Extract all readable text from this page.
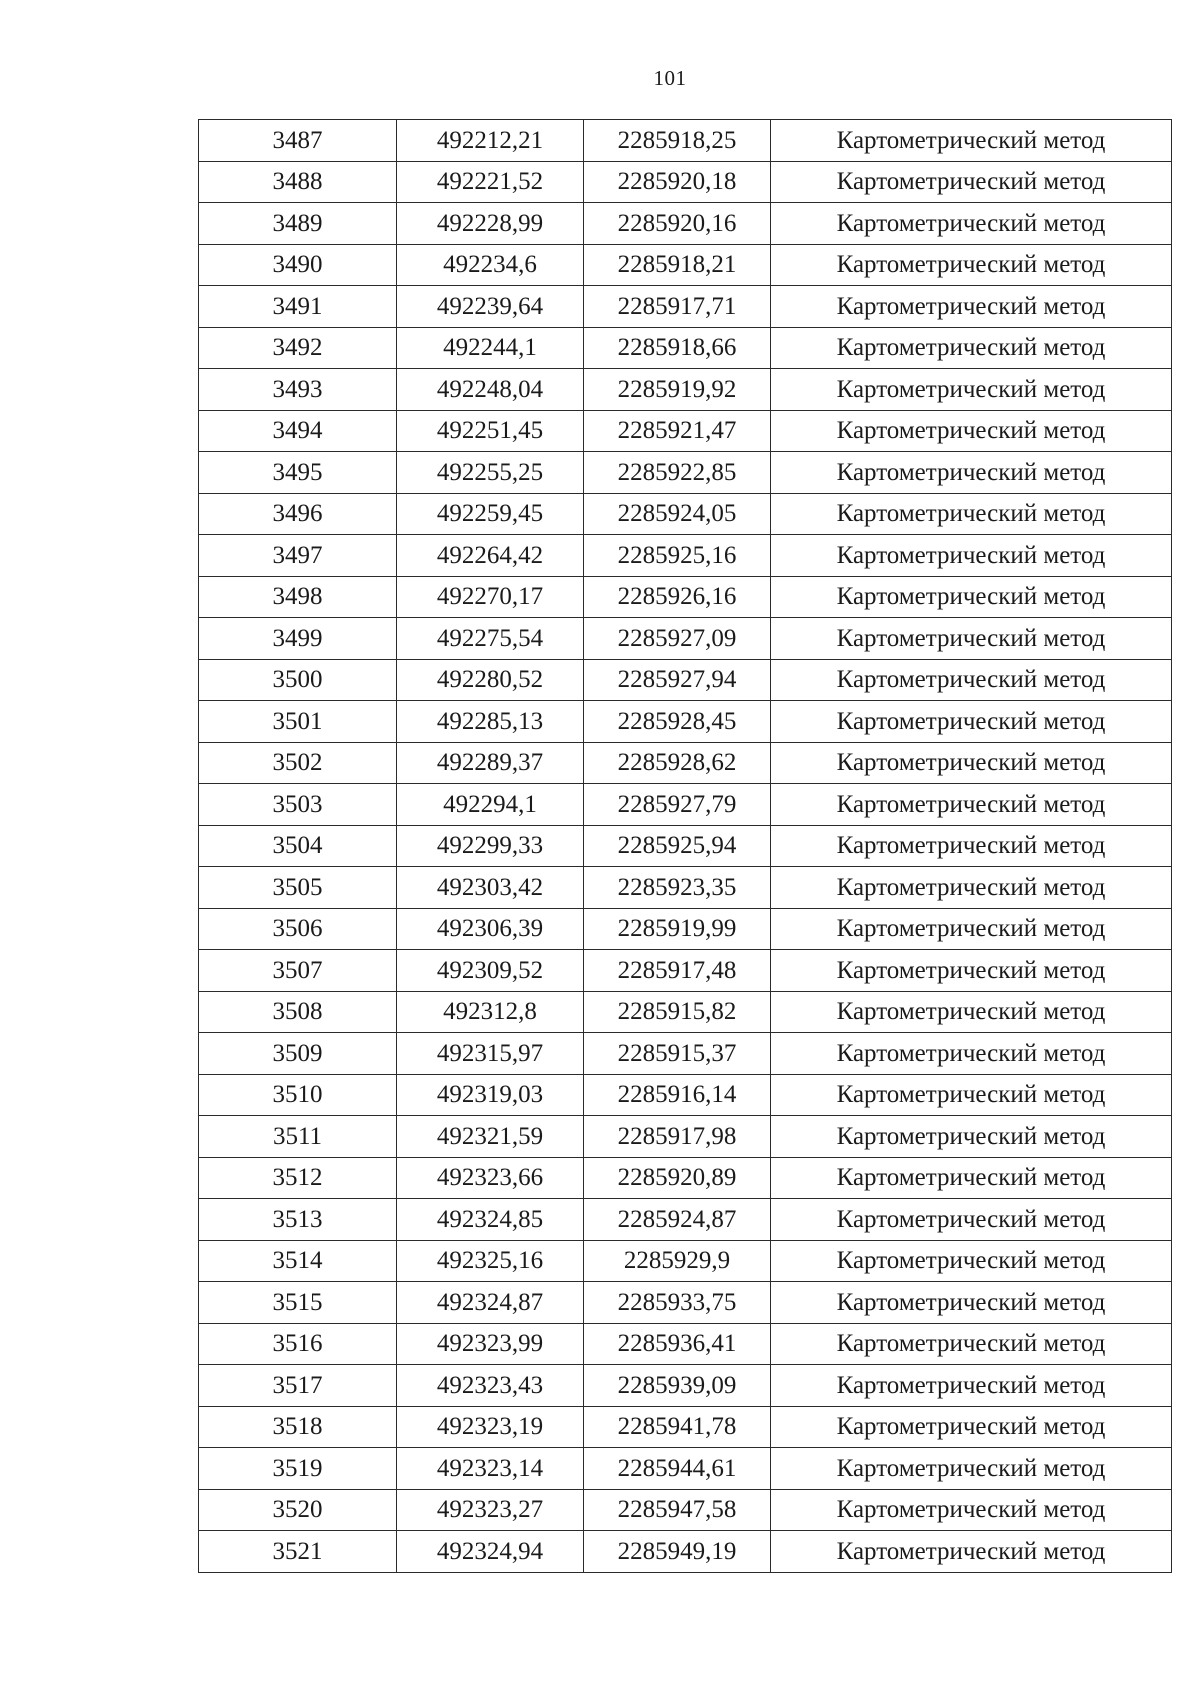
101
3487	492212,21	2285918,25	Картометрический метод
3488	492221,52	2285920,18	Картометрический метод
3489	492228,99	2285920,16	Картометрический метод
3490	492234,6	2285918,21	Картометрический метод
3491	492239,64	2285917,71	Картометрический метод
3492	492244,1	2285918,66	Картометрический метод
3493	492248,04	2285919,92	Картометрический метод
3494	492251,45	2285921,47	Картометрический метод
3495	492255,25	2285922,85	Картометрический метод
3496	492259,45	2285924,05	Картометрический метод
3497	492264,42	2285925,16	Картометрический метод
3498	492270,17	2285926,16	Картометрический метод
3499	492275,54	2285927,09	Картометрический метод
3500	492280,52	2285927,94	Картометрический метод
3501	492285,13	2285928,45	Картометрический метод
3502	492289,37	2285928,62	Картометрический метод
3503	492294,1	2285927,79	Картометрический метод
3504	492299,33	2285925,94	Картометрический метод
3505	492303,42	2285923,35	Картометрический метод
3506	492306,39	2285919,99	Картометрический метод
3507	492309,52	2285917,48	Картометрический метод
3508	492312,8	2285915,82	Картометрический метод
3509	492315,97	2285915,37	Картометрический метод
3510	492319,03	2285916,14	Картометрический метод
3511	492321,59	2285917,98	Картометрический метод
3512	492323,66	2285920,89	Картометрический метод
3513	492324,85	2285924,87	Картометрический метод
3514	492325,16	2285929,9	Картометрический метод
3515	492324,87	2285933,75	Картометрический метод
3516	492323,99	2285936,41	Картометрический метод
3517	492323,43	2285939,09	Картометрический метод
3518	492323,19	2285941,78	Картометрический метод
3519	492323,14	2285944,61	Картометрический метод
3520	492323,27	2285947,58	Картометрический метод
3521	492324,94	2285949,19	Картометрический метод
